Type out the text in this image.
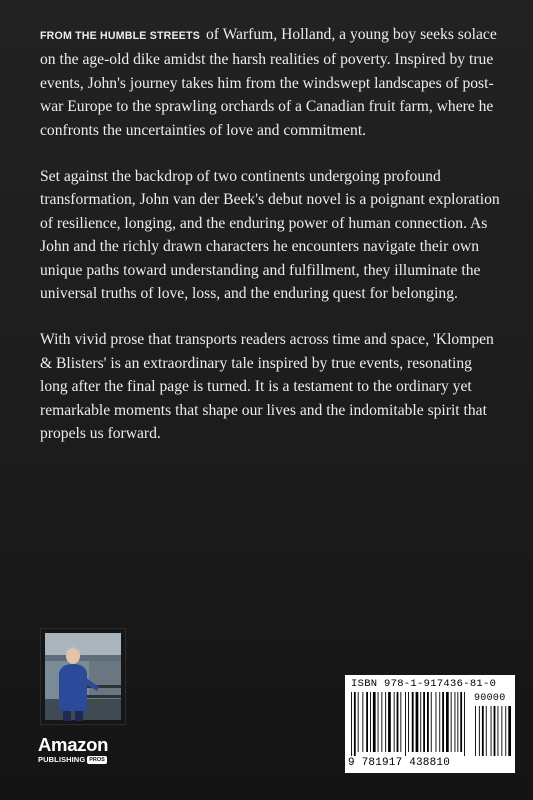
FROM THE HUMBLE STREETS of Warfum, Holland, a young boy seeks solace on the age-old dike amidst the harsh realities of poverty. Inspired by true events, John's journey takes him from the windswept landscapes of post-war Europe to the sprawling orchards of a Canadian fruit farm, where he confronts the uncertainties of love and commitment.

Set against the backdrop of two continents undergoing profound transformation, John van der Beek's debut novel is a poignant exploration of resilience, longing, and the enduring power of human connection. As John and the richly drawn characters he encounters navigate their own unique paths toward understanding and fulfillment, they illuminate the universal truths of love, loss, and the enduring quest for belonging.

With vivid prose that transports readers across time and space, 'Klompen & Blisters' is an extraordinary tale inspired by true events, resonating long after the final page is turned. It is a testament to the ordinary yet remarkable moments that shape our lives and the indomitable spirit that propels us forward.

Amazon
PUBLISHING PROS
ISBN 978-1-917436-81-0
9 781917 438810
90000
